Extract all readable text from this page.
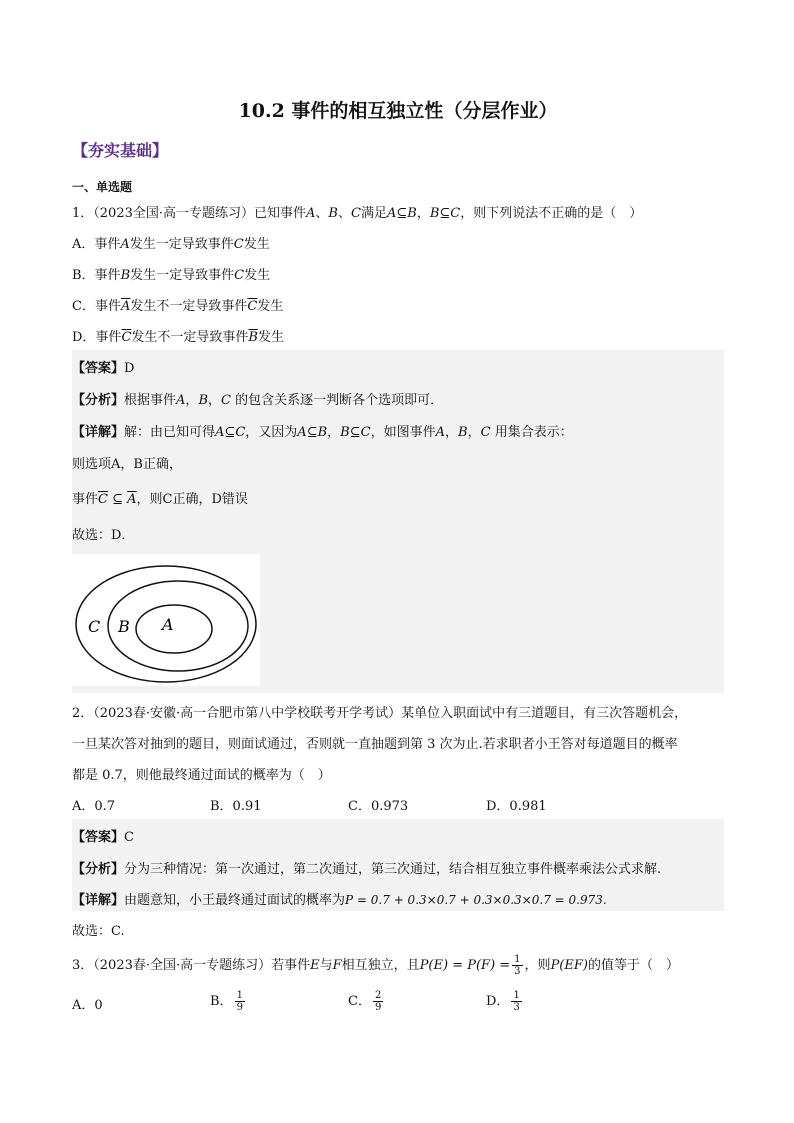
10.2 事件的相互独立性（分层作业）
【夯实基础】
一、单选题
1．（2023全国·高一专题练习）已知事件A、B、C满足A⊆B，B⊆C，则下列说法不正确的是（　）
A．事件A发生一定导致事件C发生
B．事件B发生一定导致事件C发生
C．事件$\overline{A}$发生不一定导致事件$\overline{C}$发生
D．事件$\overline{C}$发生不一定导致事件$\overline{B}$发生
【答案】D
【分析】根据事件A，B，C 的包含关系逐一判断各个选项即可．
【详解】解：由已知可得A⊆C，又因为A⊆B，B⊆C，如图事件A，B，C 用集合表示：
则选项A，B正确，
事件$\overline{C}$ ⊆ $\overline{A}$，则C正确，D错误
故选：D．
C B A
2．（2023春·安徽·高一合肥市第八中学校联考开学考试）某单位入职面试中有三道题目，有三次答题机会，
一旦某次答对抽到的题目，则面试通过，否则就一直抽题到第 3 次为止.若求职者小王答对每道题目的概率
都是 0.7，则他最终通过面试的概率为（　）
A．0.7	B．0.91	C．0.973	D．0.981
【答案】C
【分析】分为三种情况：第一次通过，第二次通过，第三次通过，结合相互独立事件概率乘法公式求解.
【详解】由题意知，小王最终通过面试的概率为P = 0.7 + 0.3×0.7 + 0.3×0.3×0.7 = 0.973.
故选：C.
3．（2023春·全国·高一专题练习）若事件E与F相互独立，且$P(E) = P(F) = \frac{1}{3}$ ，则P(EF)的值等于（　）
A．0	B． $\frac{1}{9}$	C． $\frac{2}{9}$	D． $\frac{1}{3}$
